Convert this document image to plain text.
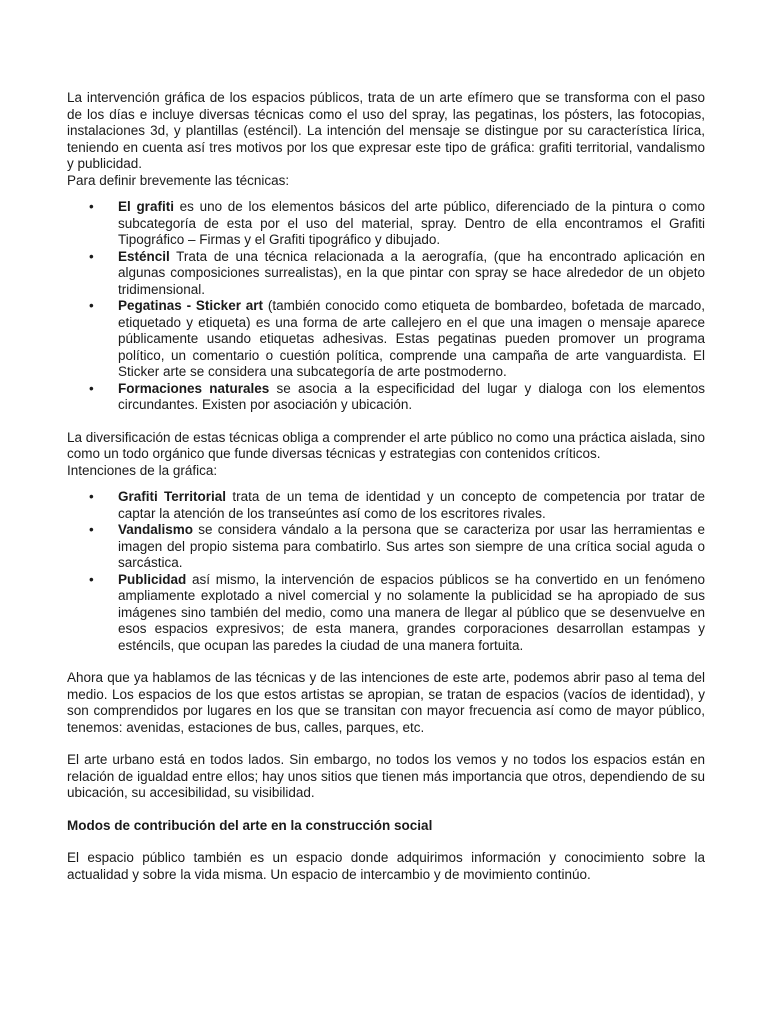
La intervención gráfica de los espacios públicos, trata de un arte efímero que se transforma con el paso de los días e incluye diversas técnicas como el uso del spray, las pegatinas, los pósters, las fotocopias, instalaciones 3d, y plantillas (esténcil). La intención del mensaje se distingue por su característica lírica, teniendo en cuenta así tres motivos por los que expresar este tipo de gráfica: grafiti territorial, vandalismo y publicidad.

Para definir brevemente las técnicas:

• El grafiti es uno de los elementos básicos del arte público, diferenciado de la pintura o como subcategoría de esta por el uso del material, spray. Dentro de ella encontramos el Grafiti Tipográfico – Firmas y el Grafiti tipográfico y dibujado.
• Esténcil Trata de una técnica relacionada a la aerografía, (que ha encontrado aplicación en algunas composiciones surrealistas), en la que pintar con spray se hace alrededor de un objeto tridimensional.
• Pegatinas - Sticker art (también conocido como etiqueta de bombardeo, bofetada de marcado, etiquetado y etiqueta) es una forma de arte callejero en el que una imagen o mensaje aparece públicamente usando etiquetas adhesivas. Estas pegatinas pueden promover un programa político, un comentario o cuestión política, comprende una campaña de arte vanguardista. El Sticker arte se considera una subcategoría de arte postmoderno.
• Formaciones naturales se asocia a la especificidad del lugar y dialoga con los elementos circundantes. Existen por asociación y ubicación.

La diversificación de estas técnicas obliga a comprender el arte público no como una práctica aislada, sino como un todo orgánico que funde diversas técnicas y estrategias con contenidos críticos.

Intenciones de la gráfica:

• Grafiti Territorial trata de un tema de identidad y un concepto de competencia por tratar de captar la atención de los transeúntes así como de los escritores rivales.
• Vandalismo se considera vándalo a la persona que se caracteriza por usar las herramientas e imagen del propio sistema para combatirlo. Sus artes son siempre de una crítica social aguda o sarcástica.
• Publicidad así mismo, la intervención de espacios públicos se ha convertido en un fenómeno ampliamente explotado a nivel comercial y no solamente la publicidad se ha apropiado de sus imágenes sino también del medio, como una manera de llegar al público que se desenvuelve en esos espacios expresivos; de esta manera, grandes corporaciones desarrollan estampas y esténcils, que ocupan las paredes la ciudad de una manera fortuita.

Ahora que ya hablamos de las técnicas y de las intenciones de este arte, podemos abrir paso al tema del medio. Los espacios de los que estos artistas se apropian, se tratan de espacios (vacíos de identidad), y son comprendidos por lugares en los que se transitan con mayor frecuencia así como de mayor público, tenemos: avenidas, estaciones de bus, calles, parques, etc.

El arte urbano está en todos lados. Sin embargo, no todos los vemos y no todos los espacios están en relación de igualdad entre ellos; hay unos sitios que tienen más importancia que otros, dependiendo de su ubicación, su accesibilidad, su visibilidad.

Modos de contribución del arte en la construcción social

El espacio público también es un espacio donde adquirimos información y conocimiento sobre la actualidad y sobre la vida misma. Un espacio de intercambio y de movimiento continúo.
